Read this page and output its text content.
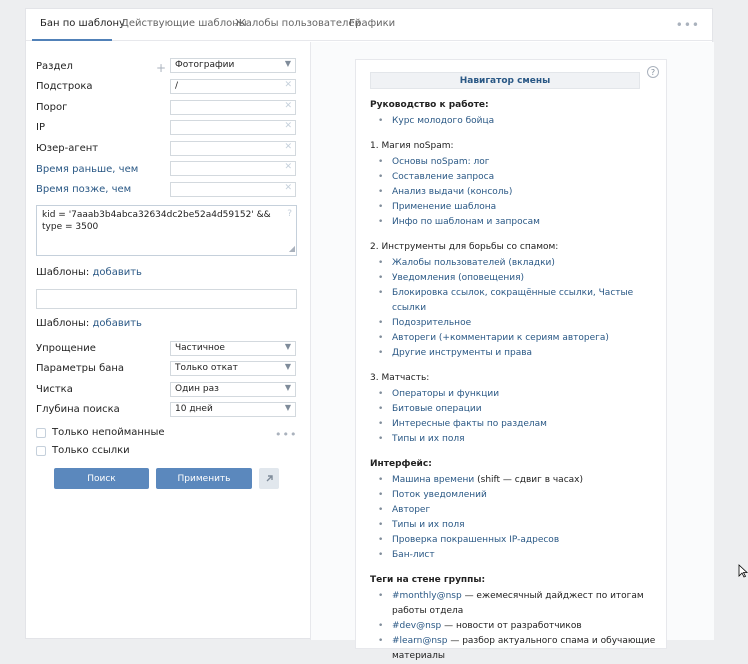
Бан по шаблону
Действующие шаблоны
Жалобы пользователей
Графики	•••
Раздел	+ Фотографии	▼
Подстрока	/	✕
Порог	✕
IP	✕
Юзер-агент	✕
Время раньше, чем	✕
Время позже, чем	✕
kid = '7aaab3b4abca32634dc2be52a4d59152' && type = 3500
?
◢
Шаблоны: добавить
Шаблоны: добавить
Упрощение	Частичное	▼
Параметры бана	Только откат	▼
Чистка	Один раз	▼
Глубина поиска	10 дней	▼
Только непойманные	•••
Только ссылки
Поиск	Применить
Навигатор смены
?
Руководство к работе:
• Курс молодого бойца
1. Магия noSpam:
• Основы noSpam: лог
• Составление запроса
• Анализ выдачи (консоль)
• Применение шаблона
• Инфо по шаблонам и запросам
2. Инструменты для борьбы со спамом:
• Жалобы пользователей (вкладки)
• Уведомления (оповещения)
• Блокировка ссылок, сокращённые ссылки, Частые ссылки
• Подозрительное
• Автореги (+комментарии к сериям авторега)
• Другие инструменты и права
3. Матчасть:
• Операторы и функции
• Битовые операции
• Интересные факты по разделам
• Типы и их поля
Интерфейс:
• Машина времени (shift — сдвиг в часах)
• Поток уведомлений
• Авторег
• Типы и их поля
• Проверка покрашенных IP-адресов
• Бан-лист
Теги на стене группы:
• #monthly@nsp — ежемесячный дайджест по итогам работы отдела
• #dev@nsp — новости от разработчиков
• #learn@nsp — разбор актуального спама и обучающие материалы
